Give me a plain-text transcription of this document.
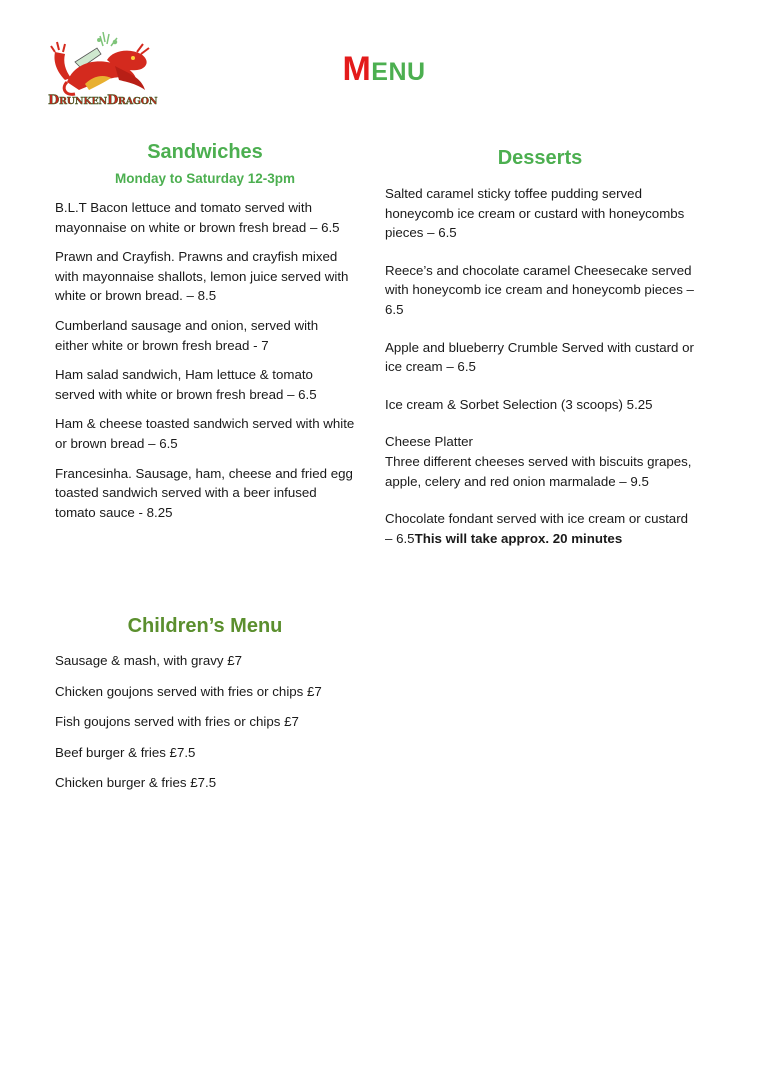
DRUNKENDRAGON
MENU
Sandwiches
Monday to Saturday 12-3pm

B.L.T Bacon lettuce and tomato served with mayonnaise on white or brown fresh bread – 6.5

Prawn and Crayfish. Prawns and crayfish mixed with mayonnaise shallots, lemon juice served with white or brown bread. – 8.5

Cumberland sausage and onion, served with either white or brown fresh bread - 7

Ham salad sandwich, Ham lettuce & tomato served with white or brown fresh bread – 6.5

Ham & cheese toasted sandwich served with white or brown bread – 6.5

Francesinha. Sausage, ham, cheese and fried egg toasted sandwich served with a beer infused tomato sauce - 8.25

Desserts

Salted caramel sticky toffee pudding served honeycomb ice cream or custard with honeycombs pieces – 6.5

Reece’s and chocolate caramel Cheesecake served with honeycomb ice cream and honeycomb pieces – 6.5

Apple and blueberry Crumble Served with custard or ice cream – 6.5

Ice cream & Sorbet Selection (3 scoops) 5.25

Cheese Platter

Three different cheeses served with biscuits grapes, apple, celery and red onion marmalade – 9.5

Chocolate fondant served with ice cream or custard – 6.5This will take approx. 20 minutes

Children’s Menu

Sausage & mash, with gravy £7

Chicken goujons served with fries or chips £7

Fish goujons served with fries or chips £7

Beef burger & fries £7.5

Chicken burger & fries £7.5
